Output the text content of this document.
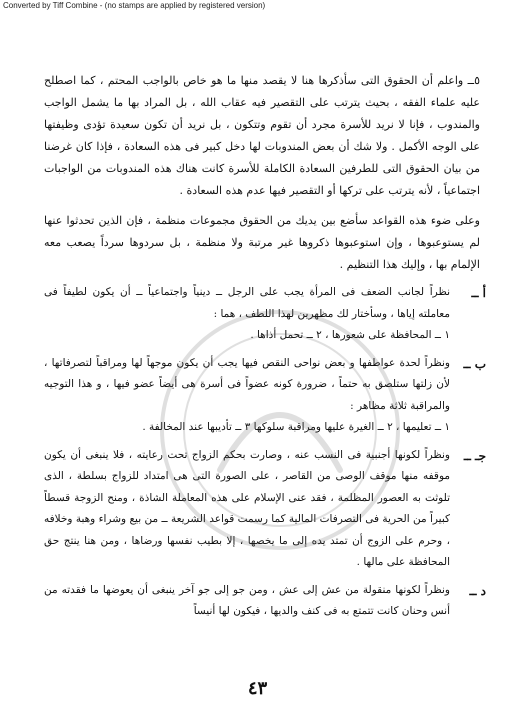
Converted by Tiff Combine - (no stamps are applied by registered version)

٥ــ واعلم أن الحقوق التى سأذكرها هنا لا يقصد منها ما هو خاص بالواجب المحتم ، كما اصطلح عليه علماء الفقه ، بحيث يترتب على التقصير فيه عقاب الله ، بل المراد بها ما يشمل الواجب والمندوب ، فإنا لا نريد للأسرة مجرد أن تقوم وتتكون ، بل نريد أن تكون سعيدة تؤدى وظيفتها على الوجه الأكمل . ولا شك أن بعض المندوبات لها دخل كبير فى هذه السعادة ، فإذا كان غرضنا من بيان الحقوق التى للطرفين السعادة الكاملة للأسرة كانت هناك هذه المندوبات من الواجبات اجتماعياً ، لأنه يترتب على تركها أو التقصير فيها عدم هذه السعادة .

وعلى ضوء هذه القواعد سأضع بين يديك من الحقوق مجموعات منظمة ، فإن الذين تحدثوا عنها لم يستوعبوها ، وإن استوعبوها ذكروها غير مرتبة ولا منظمة ، بل سردوها سرداً يصعب معه الإلمام بها ، وإليك هذا التنظيم .

أ ــ
نظراً لجانب الضعف فى المرأة يجب على الرجل ــ دينياً واجتماعياً ــ أن يكون لطيفاً فى معاملته إياها ، وسأختار لك مظهرين لهذا اللطف ، هما :
١ ــ المحافظة على شعورها ، ٢ ــ تحمل أذاها .
ب ــ
ونظراً لحدة عواطفها و بعض نواحى النقص فيها يجب أن يكون موجهاً لها ومراقباً لتصرفاتها ، لأن زلتها ستلصق به حتماً ، ضرورة كونه عضواً فى أسرة هى أيضاً عضو فيها ، و هذا التوجيه والمراقبة ثلاثة مظاهر :
١ ــ تعليمها ، ٢ ــ الغيرة عليها ومراقبة سلوكها ٣ ــ تأديبها عند المخالفة .
جـ ــ
ونظراً لكونها أجنبية فى النسب عنه ، وصارت بحكم الزواج تحت رعايته ، فلا ينبغى أن يكون موقفه منها موقف الوصى من القاصر ، على الصورة التى هى امتداد للزواج بسلطة ، الذى تلوثت به العصور المظلمة ، فقد عنى الإسلام على هذه المعاملة الشاذة ، ومنح الزوجة قسطاً كبيراً من الحرية فى التصرفات المالية كما رسمت قواعد الشريعة ــ من بيع وشراء وهبة وخلافه ، وحرم على الزوج أن تمتد يده إلى ما يخصها ، إلا بطيب نفسها ورضاها ، ومن هنا ينتج حق المحافظة على مالها .
د ــ
ونظراً لكونها منقولة من عش إلى عش ، ومن جو إلى جو آخر ينبغى أن يعوضها ما فقدته من أنس وحنان كانت تتمتع به فى كنف والديها ، فيكون لها أنيساً
٤٣
